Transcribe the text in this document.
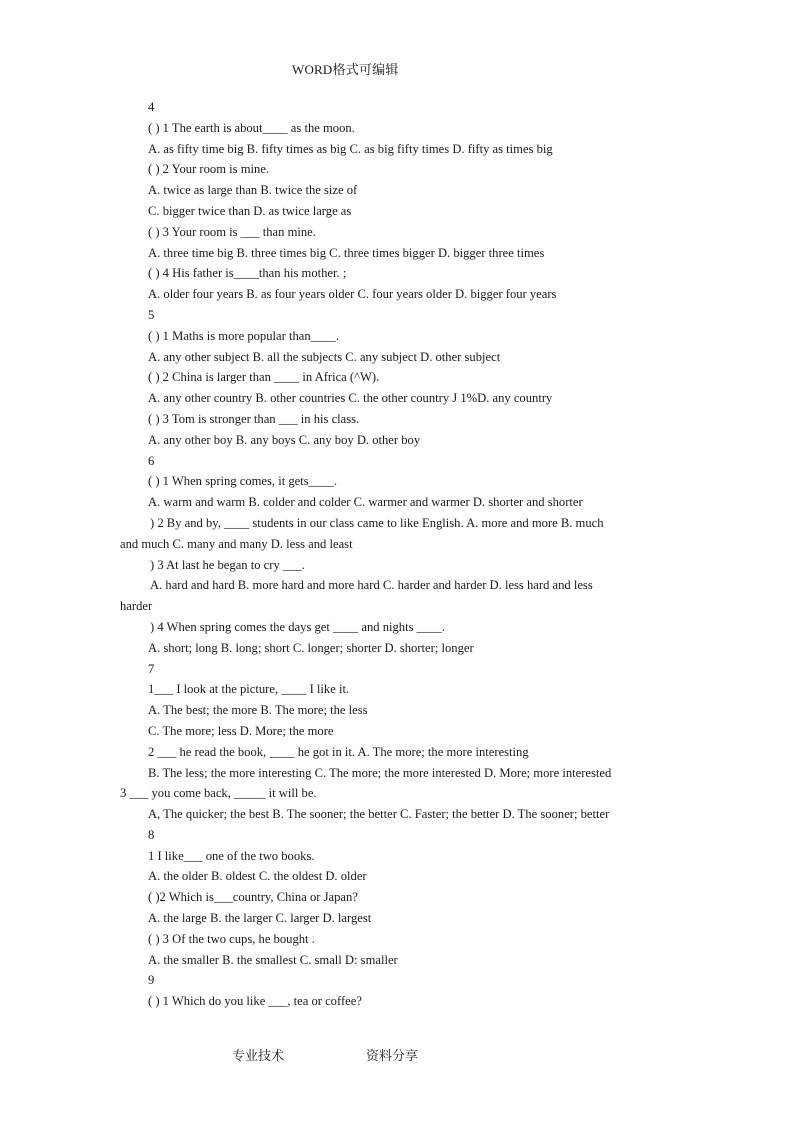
WORD格式可编辑
4
( ) 1 The earth is about____ as the moon.
A. as fifty time big B. fifty times as big C. as big fifty times D. fifty as times big
( ) 2 Your room is mine.
A. twice as large than B. twice the size of
C. bigger twice than D. as twice large as
( ) 3 Your room is ___ than mine.
A. three time big B. three times big C. three times bigger D. bigger three times
( ) 4 His father is____than his mother. ;
A. older four years B. as four years older C. four years older D. bigger four years
5
( ) 1 Maths is more popular than____.
A. any other subject B. all the subjects C. any subject D. other subject
( ) 2 China is larger than ____ in Africa (^W).
A. any other country B. other countries C. the other country J 1%D. any country
( ) 3 Tom is stronger than ___ in his class.
A. any other boy B. any boys C. any boy D. other boy
6
( ) 1 When spring comes, it gets____.
A. warm and warm B. colder and colder C. warmer and warmer D. shorter and shorter
) 2 By and by, ____ students in our class came to like English. A. more and more B. much
and much C. many and many D. less and least
) 3 At last he began to cry ___.
A. hard and hard B. more hard and more hard C. harder and harder D. less hard and less
harder
) 4 When spring comes the days get ____ and nights ____.
A. short; long B. long; short C. longer; shorter D. shorter; longer
7
1___ I look at the picture, ____ I like it.
A. The best; the more B. The more; the less
C. The more; less D. More; the more
2 ___ he read the book, ____ he got in it. A. The more; the more interesting
B. The less; the more interesting C. The more; the more interested D. More; more interested
3 ___ you come back, _____ it will be.
A, The quicker; the best B. The sooner; the better C. Faster; the better D. The sooner; better
8
1 I like___ one of the two books.
A. the older B. oldest C. the oldest D. older
( )2 Which is___country, China or Japan?
A. the large B. the larger C. larger D. largest
( ) 3 Of the two cups, he bought .
A. the smaller B. the smallest C. small D: smaller
9
( ) 1 Which do you like ___, tea or coffee?
专业技术	资料分享
